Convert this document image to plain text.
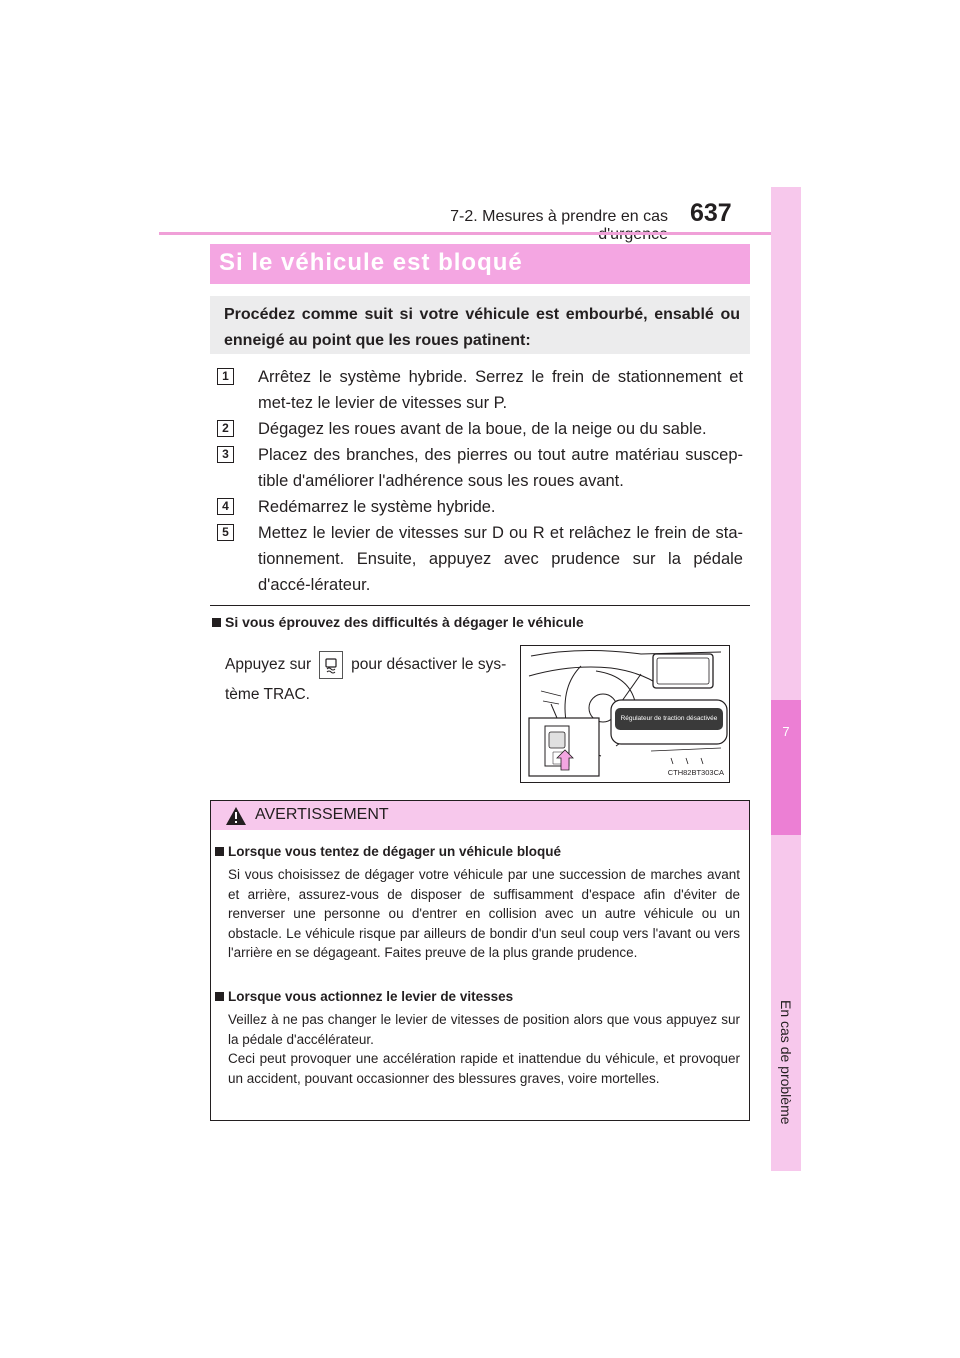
7-2. Mesures à prendre en cas 637
7
En cas de problème
Si le véhicule est bloqué
Procédez comme suit si votre véhicule est embourbé, ensablé ou enneigé au point que les roues patinent:
1	Arrêtez le système hybride. Serrez le frein de stationnement et met-tez le levier de vitesses sur P.
2	Dégagez les roues avant de la boue, de la neige ou du sable.
3	Placez des branches, des pierres ou tout autre matériau suscep-tible d'améliorer l'adhérence sous les roues avant.
4	Redémarrez le système hybride.
5	Mettez le levier de vitesses sur D ou R et relâchez le frein de sta-tionnement. Ensuite, appuyez avec prudence sur la pédale d'accé-lérateur.
Si vous éprouvez des difficultés à dégager le véhicule
Appuyez sur	pour désactiver le sys-tème TRAC.
Régulateur de traction désactivée
CTH82BT303CA
AVERTISSEMENT
Lorsque vous tentez de dégager un véhicule bloqué
Si vous choisissez de dégager votre véhicule par une succession de marches avant et arrière, assurez-vous de disposer de suffisamment d'espace afin d'éviter de renverser une personne ou d'entrer en collision avec un autre véhicule ou un obstacle. Le véhicule risque par ailleurs de bondir d'un seul coup vers l'avant ou vers l'arrière en se dégageant. Faites preuve de la plus grande prudence.
Lorsque vous actionnez le levier de vitesses
Veillez à ne pas changer le levier de vitesses de position alors que vous appuyez sur la pédale d'accélérateur.
Ceci peut provoquer une accélération rapide et inattendue du véhicule, et provoquer un accident, pouvant occasionner des blessures graves, voire mortelles.
